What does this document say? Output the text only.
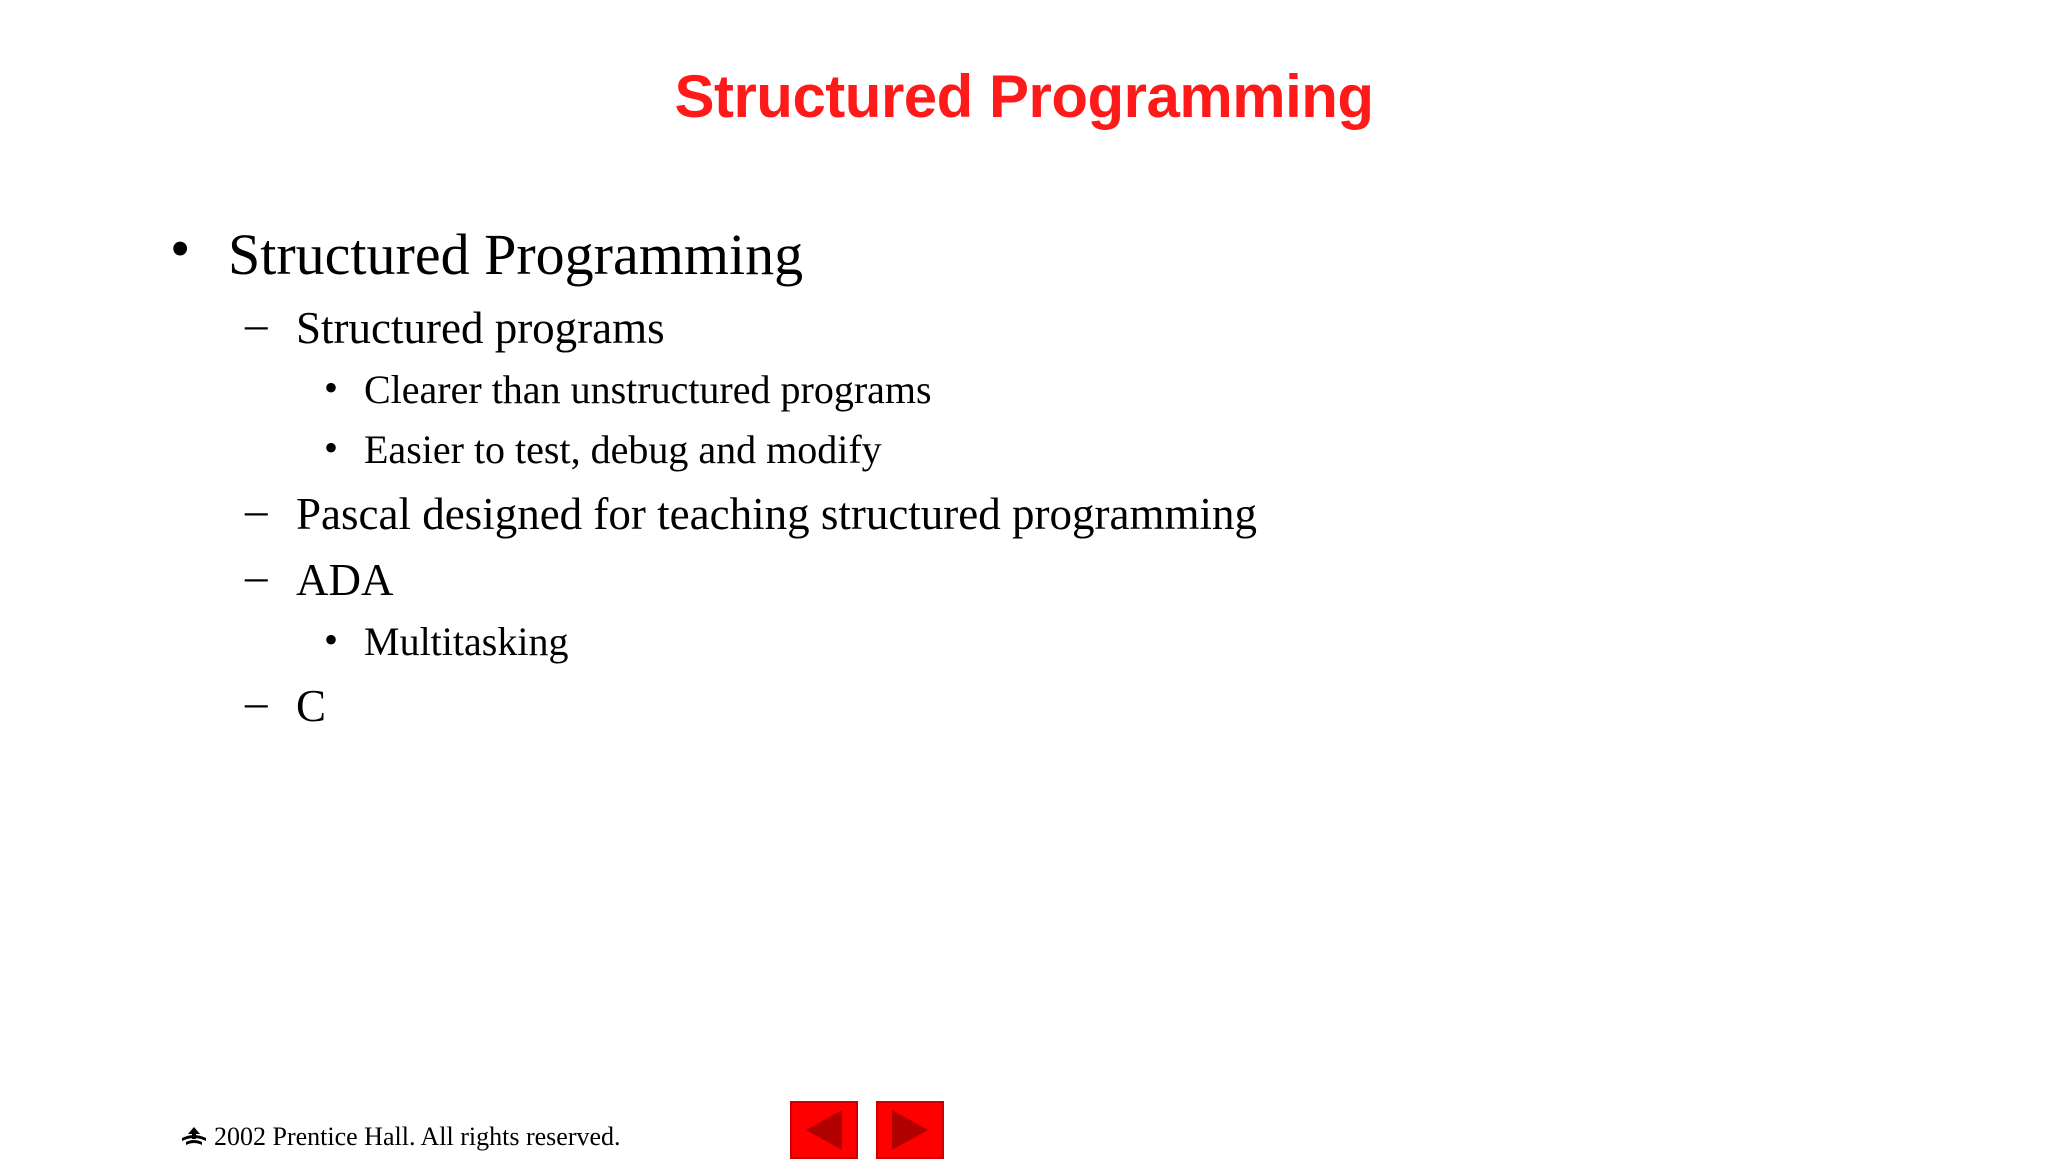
Structured Programming
• Structured Programming
– Structured programs
• Clearer than unstructured programs
• Easier to test, debug and modify
– Pascal designed for teaching structured programming
– ADA
• Multitasking
– C
2002 Prentice Hall. All rights reserved.
